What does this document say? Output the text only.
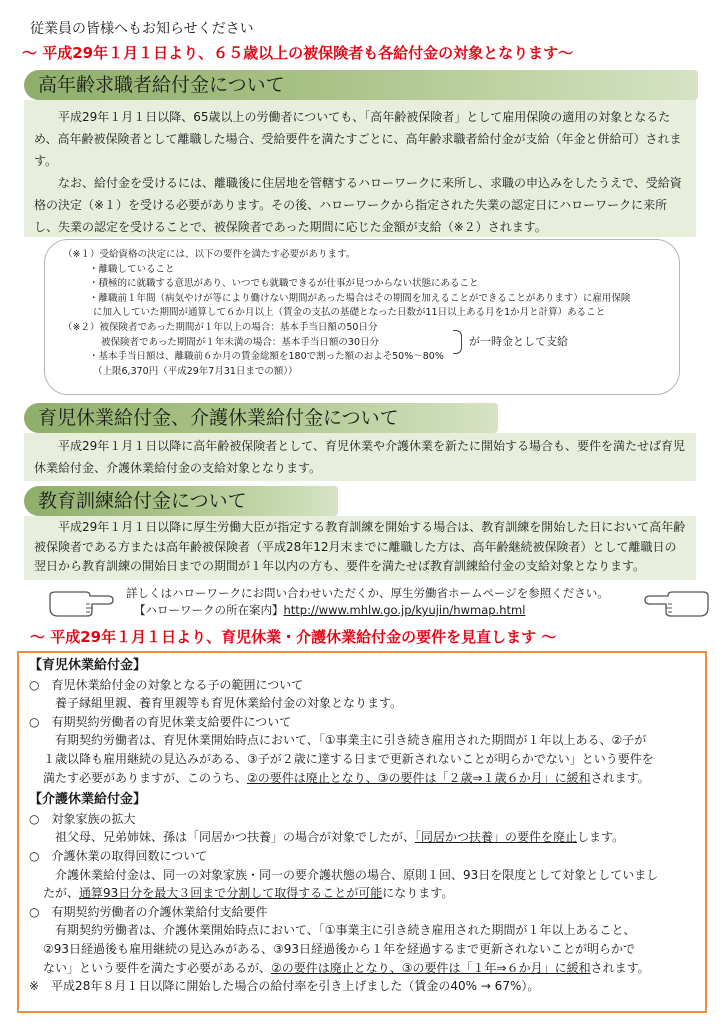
従業員の皆様へもお知らせください
～ 平成29年１月１日より、６５歳以上の被保険者も各給付金の対象となります～
高年齢求職者給付金について

平成29年１月１日以降、65歳以上の労働者についても、「高年齢被保険者」として雇用保険の適用の対象となるため、高年齢被保険者として離職した場合、受給要件を満たすごとに、高年齢求職者給付金が支給（年金と併給可）されます。

なお、給付金を受けるには、離職後に住居地を管轄するハローワークに来所し、求職の申込みをしたうえで、受給資格の決定（※１）を受ける必要があります。その後、ハローワークから指定された失業の認定日にハローワークに来所し、失業の認定を受けることで、被保険者であった期間に応じた金額が支給（※２）されます。

（※１）受給資格の決定には、以下の要件を満たす必要があります。
・離職していること
・積極的に就職する意思があり、いつでも就職できるが仕事が見つからない状態にあること
・離職前１年間（病気やけが等により働けない期間があった場合はその期間を加えることができることがあります）に雇用保険
に加入していた期間が通算して６か月以上（賃金の支払の基礎となった日数が11日以上ある月を1か月と計算）あること
（※２）被保険者であった期間が１年以上の場合：基本手当日額の50日分
被保険者であった期間が１年未満の場合：基本手当日額の30日分
・基本手当日額は、離職前６か月の賃金総額を180で割った額のおよそ50%～80%
（上限6,370円（平成29年7月31日までの額））
が一時金として支給
育児休業給付金、介護休業給付金について

平成29年１月１日以降に高年齢被保険者として、育児休業や介護休業を新たに開始する場合も、要件を満たせば育児休業給付金、介護休業給付金の支給対象となります。

教育訓練給付金について

平成29年１月１日以降に厚生労働大臣が指定する教育訓練を開始する場合は、教育訓練を開始した日において高年齢被保険者である方または高年齢被保険者（平成28年12月末までに離職した方は、高年齢継続被保険者）として離職日の翌日から教育訓練の開始日までの期間が１年以内の方も、要件を満たせば教育訓練給付金の支給対象となります。

詳しくはハローワークにお問い合わせいただくか、厚生労働省ホームページを参照ください。
【ハローワークの所在案内】http://www.mhlw.go.jp/kyujin/hwmap.html
～ 平成29年１月１日より、育児休業・介護休業給付金の要件を見直します ～
【育児休業給付金】
○　育児休業給付金の対象となる子の範囲について
養子縁組里親、養育里親等も育児休業給付金の対象となります。
○　有期契約労働者の育児休業支給要件について
有期契約労働者は、育児休業開始時点において、「①事業主に引き続き雇用された期間が１年以上ある、②子が
１歳以降も雇用継続の見込みがある、③子が２歳に達する日まで更新されないことが明らかでない」という要件を
満たす必要がありますが、このうち、②の要件は廃止となり、③の要件は「２歳⇒１歳６か月」に緩和されます。
【介護休業給付金】
○　対象家族の拡大
祖父母、兄弟姉妹、孫は「同居かつ扶養」の場合が対象でしたが、「同居かつ扶養」の要件を廃止します。
○　介護休業の取得回数について
介護休業給付金は、同一の対象家族・同一の要介護状態の場合、原則１回、93日を限度として対象としていまし
たが、通算93日分を最大３回まで分割して取得することが可能になります。
○　有期契約労働者の介護休業給付支給要件
有期契約労働者は、介護休業開始時点において、「①事業主に引き続き雇用された期間が１年以上あること、
②93日経過後も雇用継続の見込みがある、③93日経過後から１年を経過するまで更新されないことが明らかで
ない」という要件を満たす必要があるが、②の要件は廃止となり、③の要件は「１年⇒６か月」に緩和されます。
※　平成28年８月１日以降に開始した場合の給付率を引き上げました（賃金の40% → 67%）。
